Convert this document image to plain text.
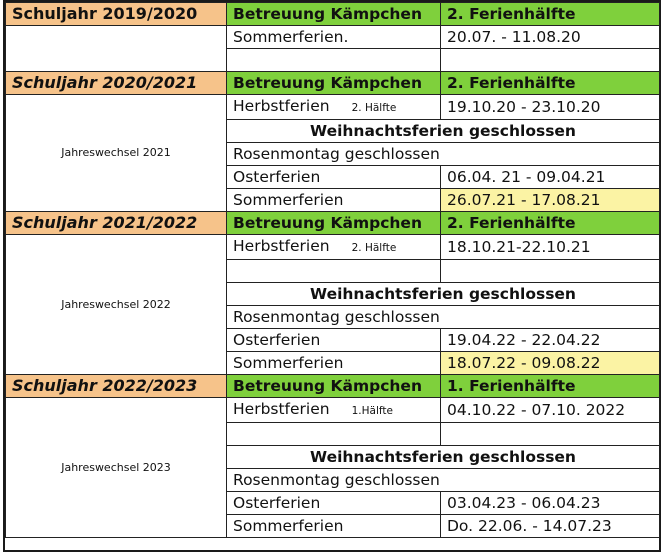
Schuljahr 2019/2020	Betreuung Kämpchen	2. Ferienhälfte
	Sommerferien.	20.07. - 11.08.20

Schuljahr 2020/2021	Betreuung Kämpchen	2. Ferienhälfte
Jahreswechsel 2021	Herbstferien 2. Hälfte	19.10.20 - 23.10.20
	Weihnachtsferien geschlossen	
	Rosenmontag geschlossen	
	Osterferien	06.04. 21 - 09.04.21
	Sommerferien	26.07.21 - 17.08.21
Schuljahr 2021/2022	Betreuung Kämpchen	2. Ferienhälfte
Jahreswechsel 2022	Herbstferien 2. Hälfte	18.10.21-22.10.21

	Weihnachtsferien geschlossen	
	Rosenmontag geschlossen	
	Osterferien	19.04.22 - 22.04.22
	Sommerferien	18.07.22 - 09.08.22
Schuljahr 2022/2023	Betreuung Kämpchen	1. Ferienhälfte
Jahreswechsel 2023	Herbstferien 1.Hälfte	04.10.22 - 07.10. 2022

	Weihnachtsferien geschlossen	
	Rosenmontag geschlossen	
	Osterferien	03.04.23 - 06.04.23
	Sommerferien	Do. 22.06. - 14.07.23
